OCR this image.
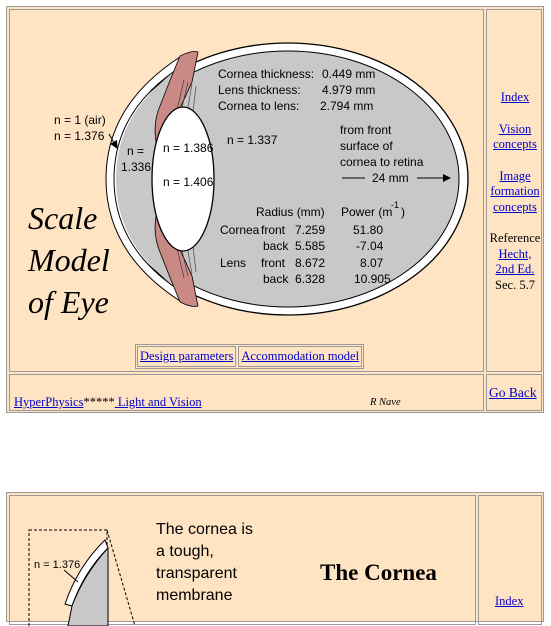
n = 1 (air)
n = 1.376
n =
1.336
n = 1.386
n = 1.406
n = 1.337
Cornea thickness: 0.449 mm
Lens thickness: 4.979 mm
Cornea to lens: 2.794 mm
from front
surface of
cornea to retina
24 mm
Radius (mm) Power (m
-1 )
Cornea front 7.259 51.80
back 5.585	-7.04
Lens front 8.672	8.07
back 6.328 10.905
Scale
Model
of Eye
Design parameters Accommodation model
Index
Vision
concepts
Image
formation
concepts
Reference
Hecht,
2nd Ed.
Sec. 5.7
HyperPhysics***** Light and Vision	R Nave
Go Back
n = 1.376
The cornea is
a tough,
transparent
membrane
The Cornea
Index
